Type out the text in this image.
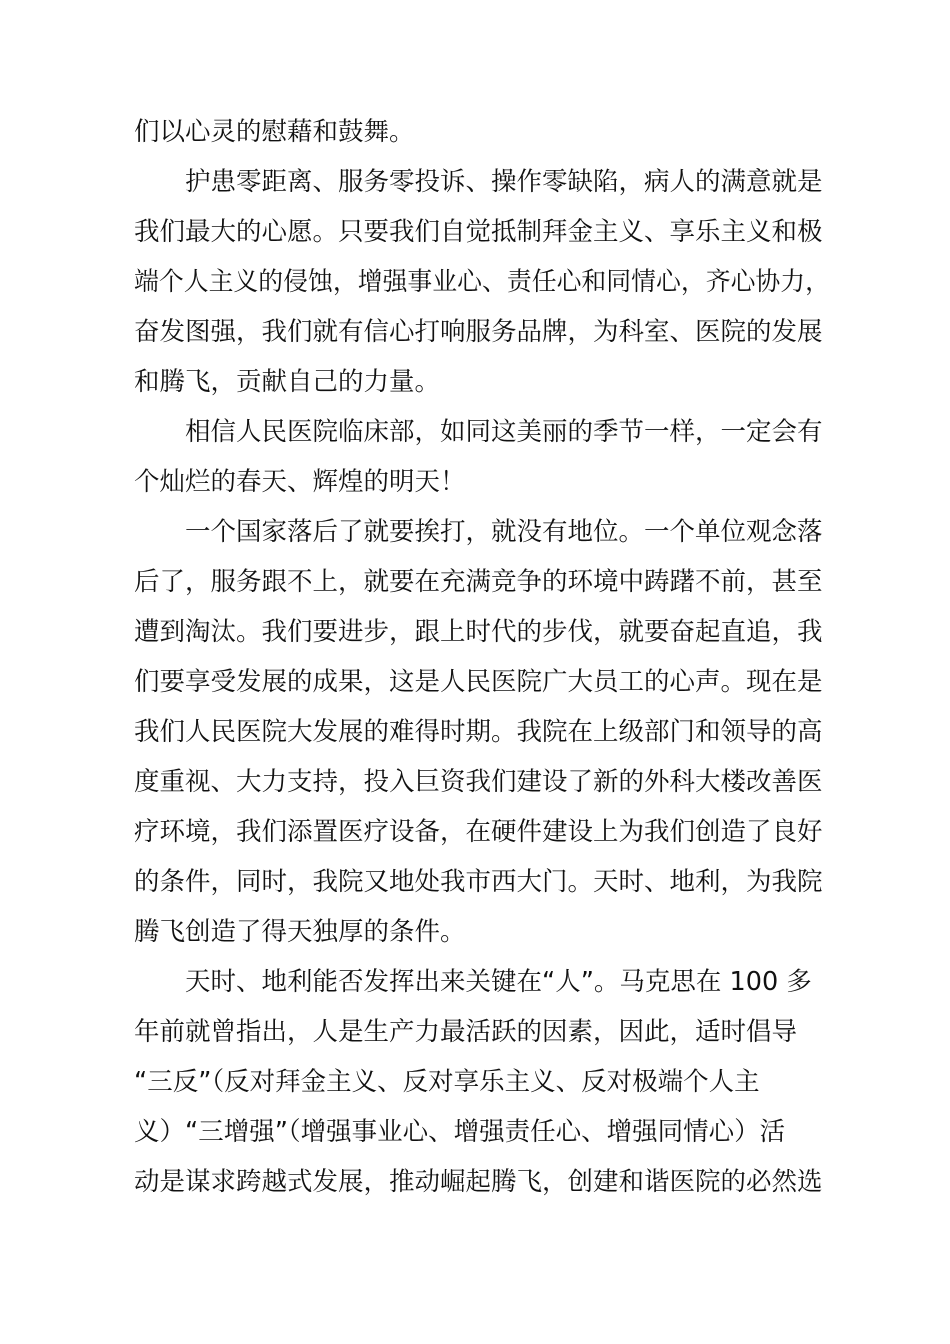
们以心灵的慰藉和鼓舞。
护患零距离、服务零投诉、操作零缺陷，病人的满意就是
我们最大的心愿。只要我们自觉抵制拜金主义、享乐主义和极
端个人主义的侵蚀，增强事业心、责任心和同情心，齐心协力，
奋发图强，我们就有信心打响服务品牌，为科室、医院的发展
和腾飞，贡献自己的力量。
相信人民医院临床部，如同这美丽的季节一样，一定会有
个灿烂的春天、辉煌的明天！
一个国家落后了就要挨打，就没有地位。一个单位观念落
后了，服务跟不上，就要在充满竞争的环境中踌躇不前，甚至
遭到淘汰。我们要进步，跟上时代的步伐，就要奋起直追，我
们要享受发展的成果，这是人民医院广大员工的心声。现在是
我们人民医院大发展的难得时期。我院在上级部门和领导的高
度重视、大力支持，投入巨资我们建设了新的外科大楼改善医
疗环境，我们添置医疗设备，在硬件建设上为我们创造了良好
的条件，同时，我院又地处我市西大门。天时、地利，为我院
腾飞创造了得天独厚的条件。
天时、地利能否发挥出来关键在“人”。马克思在 100 多
年前就曾指出，人是生产力最活跃的因素，因此，适时倡导
“三反”（反对拜金主义、反对享乐主义、反对极端个人主
义）“三增强”（增强事业心、增强责任心、增强同情心）活
动是谋求跨越式发展，推动崛起腾飞，创建和谐医院的必然选
